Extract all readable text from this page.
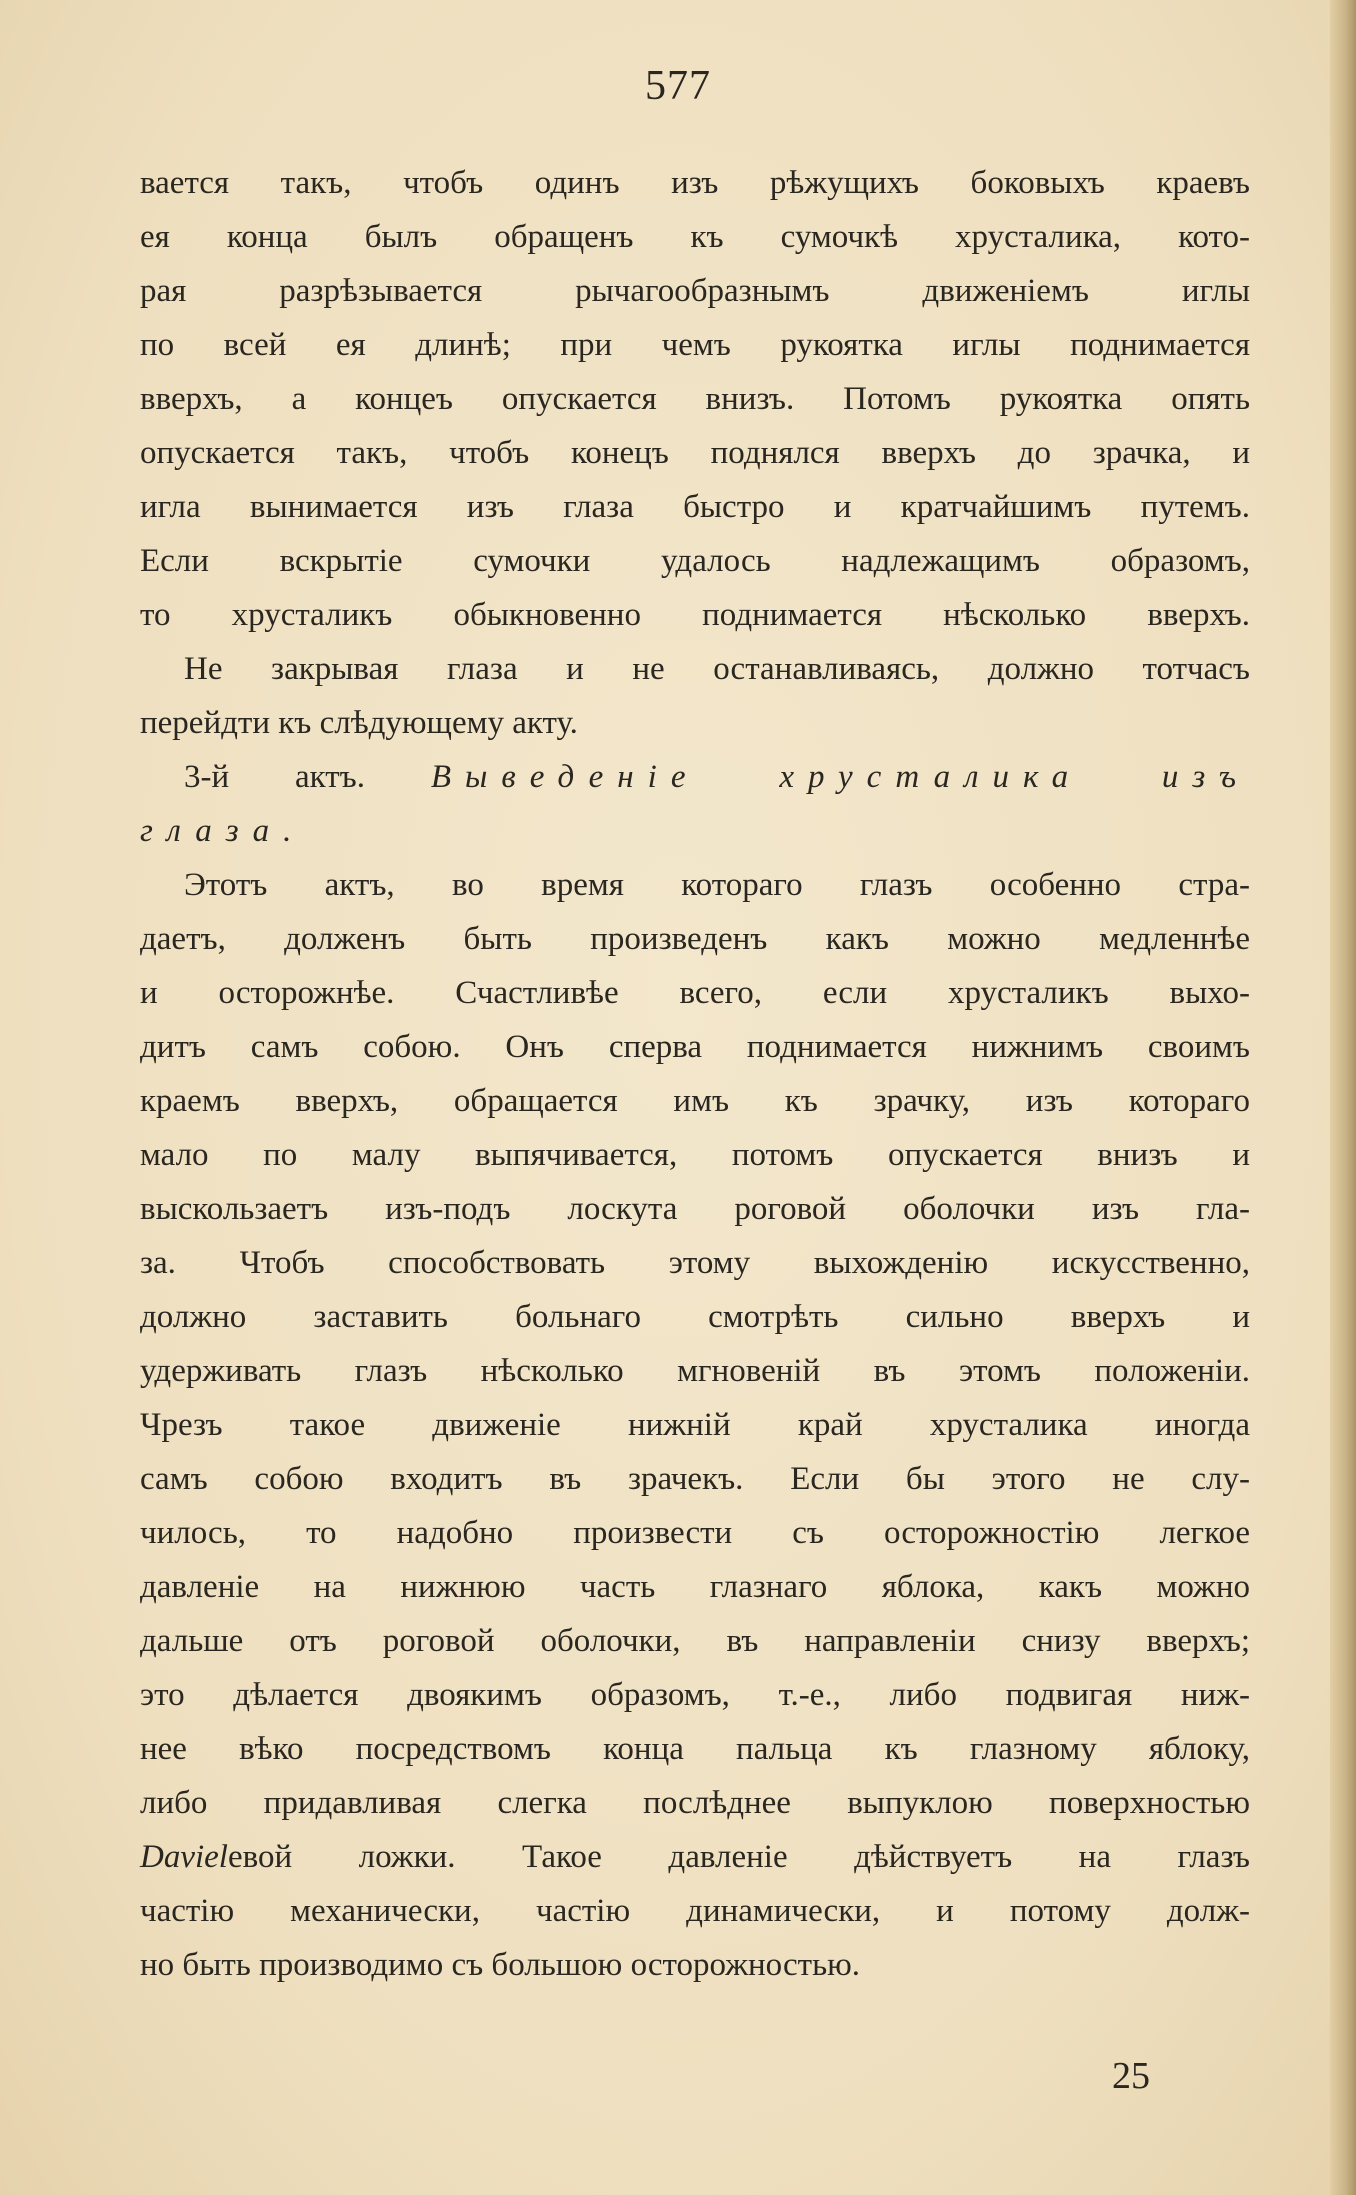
577
вается такъ, чтобъ одинъ изъ рѣжущихъ боковыхъ краевъ
ея конца былъ обращенъ къ сумочкѣ хрусталика, кото-
рая разрѣзывается рычагообразнымъ движенiемъ иглы
по всей ея длинѣ; при чемъ рукоятка иглы поднимается
вверхъ, а концеъ опускается внизъ. Потомъ рукоятка опять
опускается такъ, чтобъ конецъ поднялся вверхъ до зрачка, и
игла вынимается изъ глаза быстро и кратчайшимъ путемъ.
Если вскрытiе сумочки удалось надлежащимъ образомъ,
то хрусталикъ обыкновенно поднимается нѣсколько вверхъ.
Не закрывая глаза и не останавливаясь, должно тотчасъ
перейдти къ слѣдующему акту.
3-й актъ. Выведенiе хрусталика изъ
глаза.
Этотъ актъ, во время котораго глазъ особенно стра-
даетъ, долженъ быть произведенъ какъ можно медленнѣе
и осторожнѣе. Счастливѣе всего, если хрусталикъ выхо-
дитъ самъ собою. Онъ сперва поднимается нижнимъ своимъ
краемъ вверхъ, обращается имъ къ зрачку, изъ котораго
мало по малу выпячивается, потомъ опускается внизъ и
выскользаетъ изъ-подъ лоскута роговой оболочки изъ гла-
за. Чтобъ способствовать этому выхожденiю искусственно,
должно заставить больнаго смотрѣть сильно вверхъ и
удерживать глазъ нѣсколько мгновенiй въ этомъ положенiи.
Чрезъ такое движенiе нижнiй край хрусталика иногда
самъ собою входитъ въ зрачекъ. Если бы этого не слу-
чилось, то надобно произвести съ осторожностiю легкое
давленiе на нижнюю часть глазнаго яблока, какъ можно
дальше отъ роговой оболочки, въ направленiи снизу вверхъ;
это дѣлается двоякимъ образомъ, т.-е., либо подвигая ниж-
нее вѣко посредствомъ конца пальца къ глазному яблоку,
либо придавливая слегка послѣднее выпуклою поверхностью
Davielевой ложки. Такое давленiе дѣйствуетъ на глазъ
частiю механически, частiю динамически, и потому долж-
но быть производимо съ большою осторожностью.
25
